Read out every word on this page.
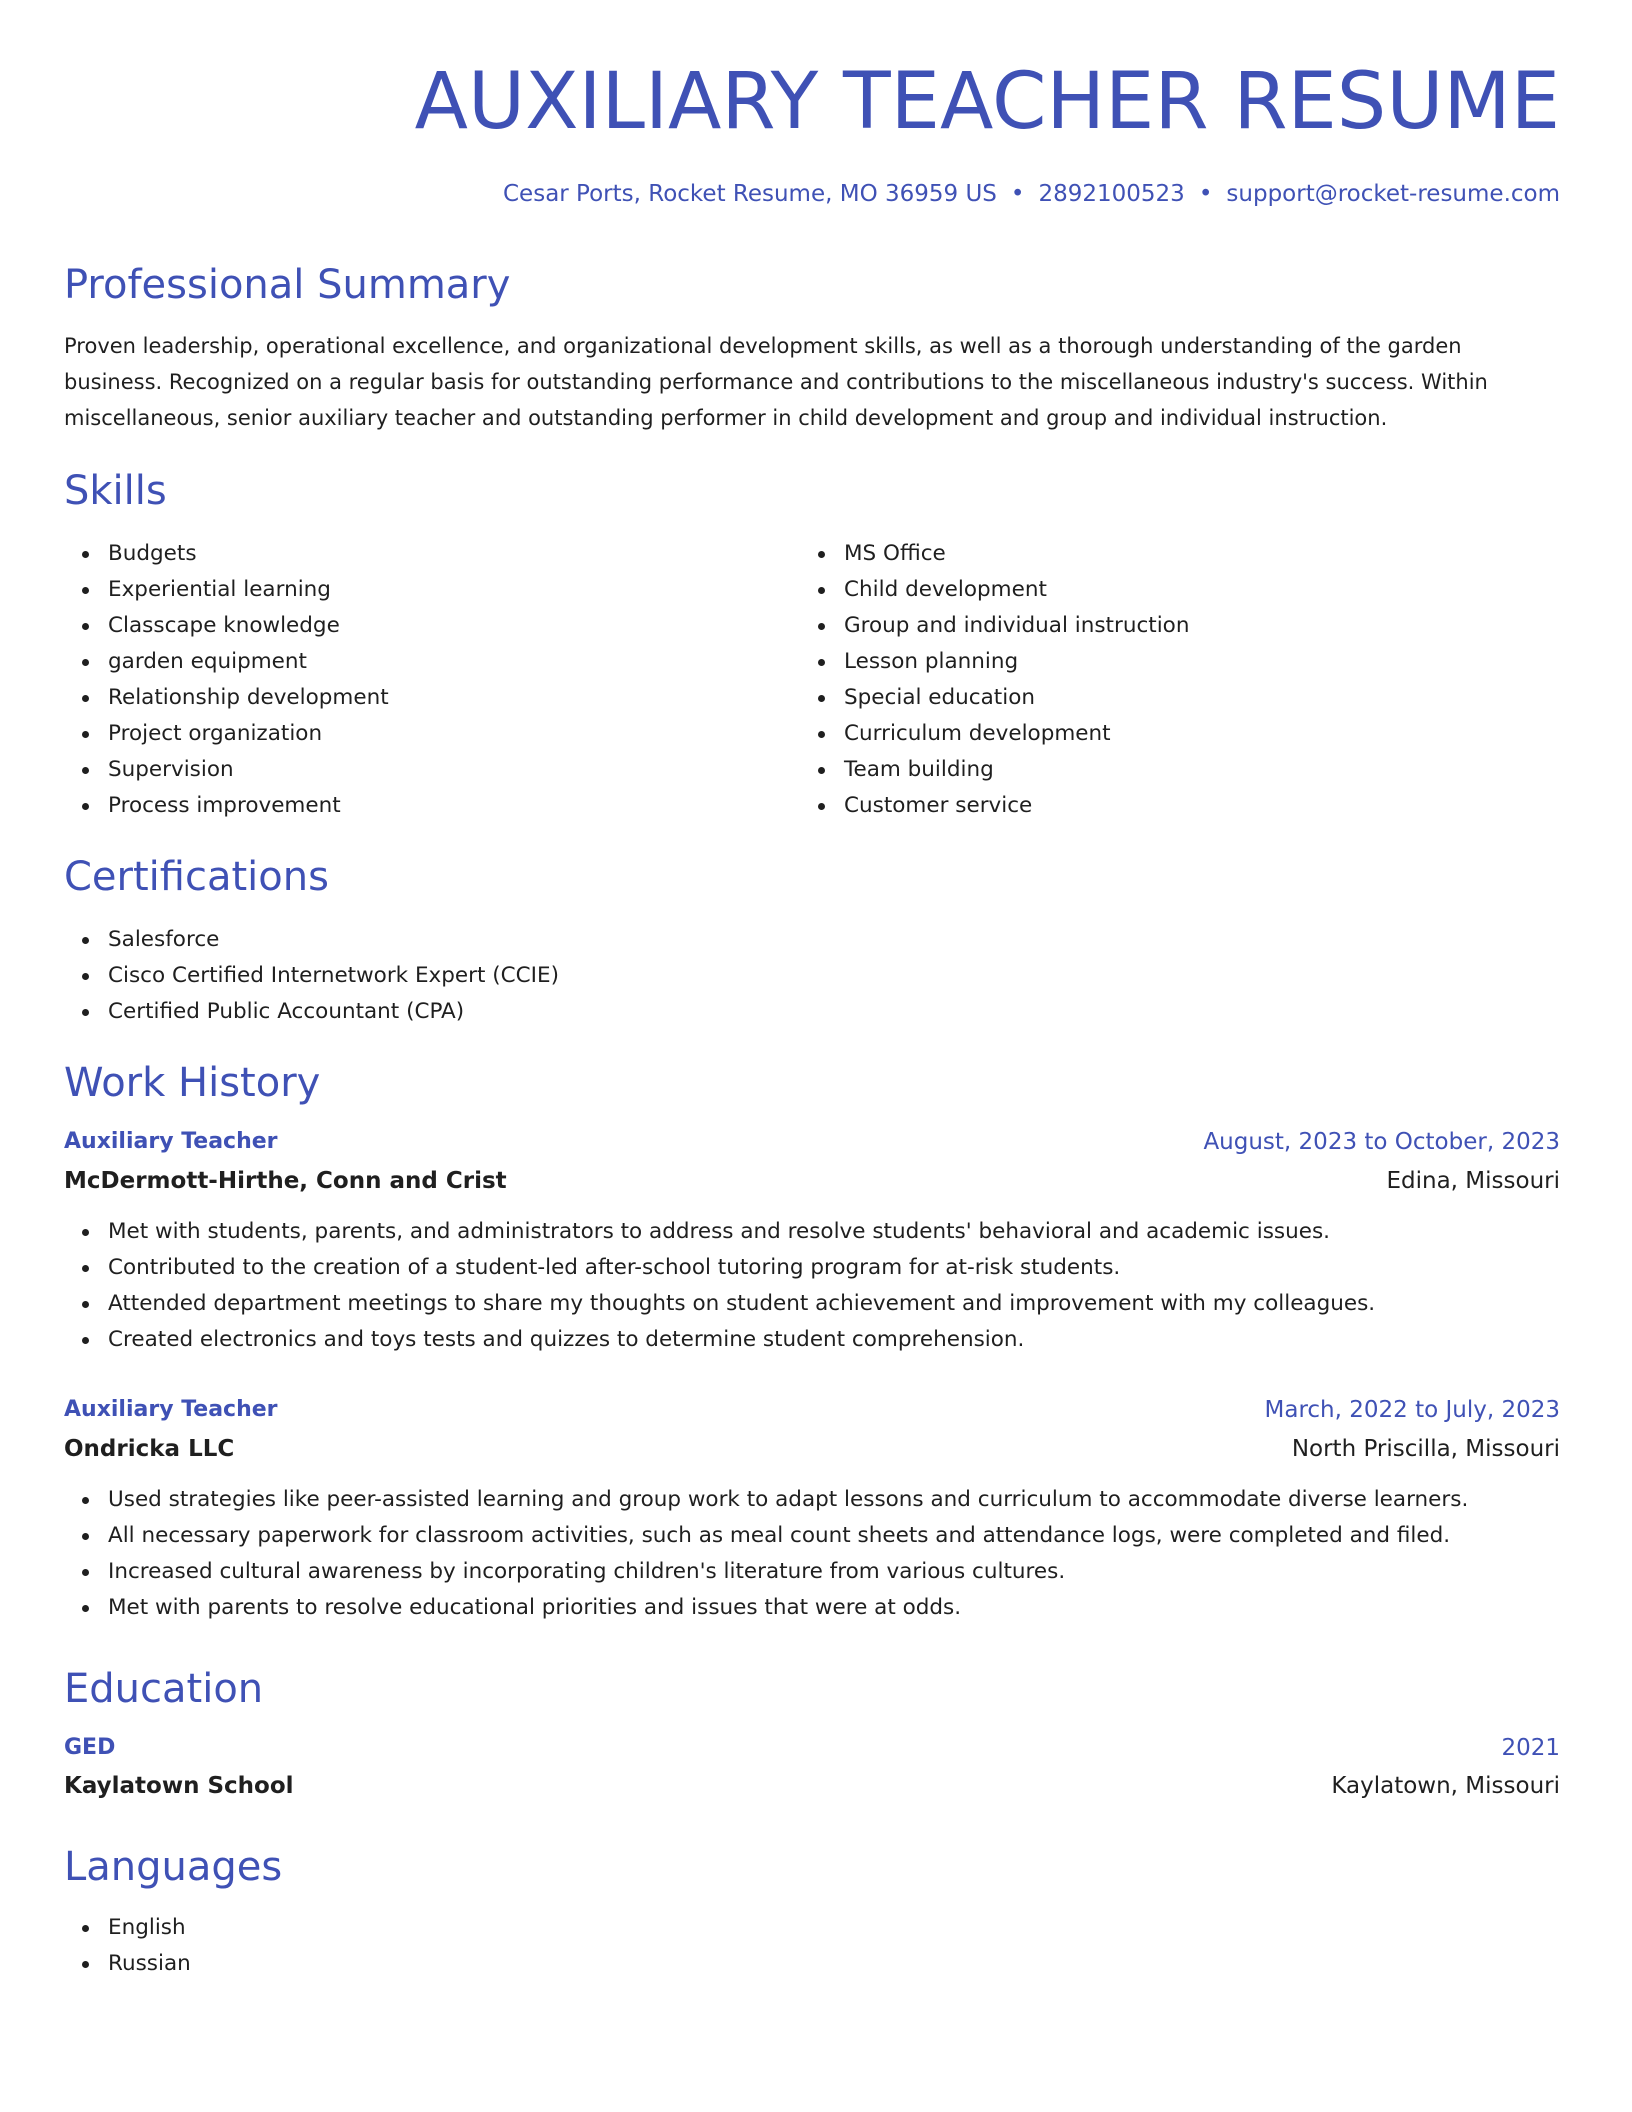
AUXILIARY TEACHER RESUME
Cesar Ports, Rocket Resume, MO 36959 US • 2892100523 • support@rocket-resume.com
Professional Summary

Proven leadership, operational excellence, and organizational development skills, as well as a thorough understanding of the garden business. Recognized on a regular basis for outstanding performance and contributions to the miscellaneous industry's success. Within miscellaneous, senior auxiliary teacher and outstanding performer in child development and group and individual instruction.

Skills
Budgets
Experiential learning
Classcape knowledge
garden equipment
Relationship development
Project organization
Supervision
Process improvement
MS Office
Child development
Group and individual instruction
Lesson planning
Special education
Curriculum development
Team building
Customer service
Certifications
Salesforce
Cisco Certified Internetwork Expert (CCIE)
Certified Public Accountant (CPA)
Work History
Auxiliary Teacher	August, 2023 to October, 2023
McDermott-Hirthe, Conn and Crist	Edina, Missouri
Met with students, parents, and administrators to address and resolve students' behavioral and academic issues.
Contributed to the creation of a student-led after-school tutoring program for at-risk students.
Attended department meetings to share my thoughts on student achievement and improvement with my colleagues.
Created electronics and toys tests and quizzes to determine student comprehension.
Auxiliary Teacher	March, 2022 to July, 2023
Ondricka LLC	North Priscilla, Missouri
Used strategies like peer-assisted learning and group work to adapt lessons and curriculum to accommodate diverse learners.
All necessary paperwork for classroom activities, such as meal count sheets and attendance logs, were completed and filed.
Increased cultural awareness by incorporating children's literature from various cultures.
Met with parents to resolve educational priorities and issues that were at odds.
Education
GED	2021
Kaylatown School	Kaylatown, Missouri
Languages
English
Russian
